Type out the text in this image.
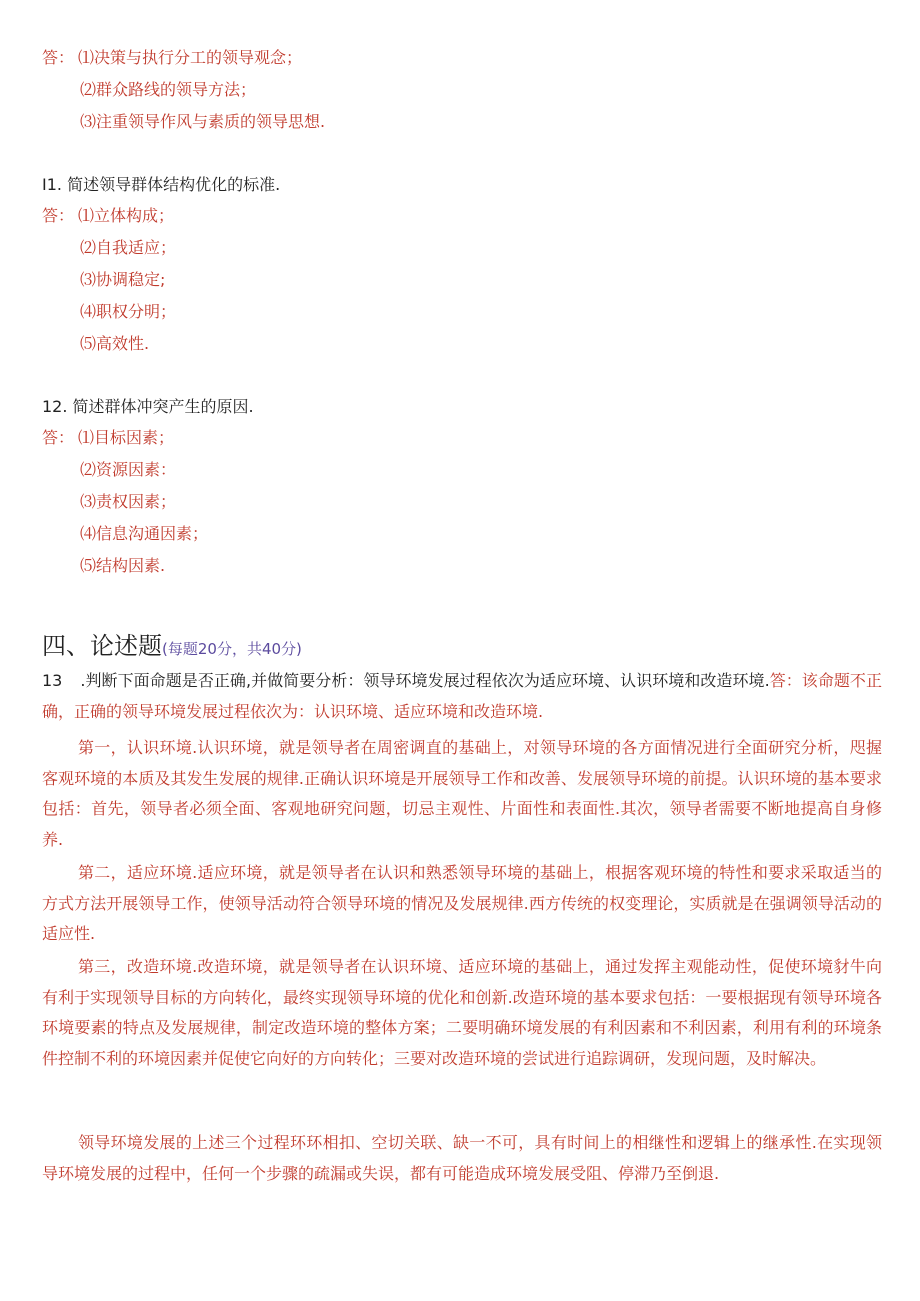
答： ⑴决策与执行分工的领导观念；
⑵群众路线的领导方法；
⑶注重领导作风与素质的领导思想.
I1. 简述领导群体结构优化的标准.
答： ⑴立体构成；
⑵自我适应；
⑶协调稳定;
⑷职权分明；
⑸高效性.
12. 简述群体冲突产生的原因.
答： ⑴目标因素；
⑵资源因素：
⑶责权因素；
⑷信息沟通因素；
⑸结构因素.
四、论述题(每题20分，共40分)
13 .判断下面命题是否正确,并做简要分析：领导环境发展过程依次为适应环境、认识环境和改造环境.答：该命题不正确，正确的领导环境发展过程依次为：认识环境、适应环境和改造环境.
第一，认识环境.认识环境，就是领导者在周密调直的基础上，对领导环境的各方面情况进行全面研究分析，咫握客观环境的本质及其发生发展的规律.正确认识环境是开展领导工作和改善、发展领导环境的前提。认识环境的基本要求包括：首先，领导者必须全面、客观地研究问题，切忌主观性、片面性和表面性.其次，领导者需要不断地提高自身修养.
第二，适应环境.适应环境，就是领导者在认识和熟悉领导环境的基础上，根据客观环境的特性和要求采取适当的方式方法开展领导工作，使领导活动符合领导环境的情况及发展规律.西方传统的权变理论，实质就是在强调领导活动的适应性.
第三，改造环境.改造环境，就是领导者在认识环境、适应环境的基础上，通过发挥主观能动性，促使环境豺牛向有利于实现领导目标的方向转化，最终实现领导环境的优化和创新.改造环境的基本要求包括：一要根据现有领导环境各环境要素的特点及发展规律，制定改造环境的整体方案；二要明确环境发展的有利因素和不利因素，利用有利的环境条件控制不利的环境因素并促使它向好的方向转化；三要对改造环境的尝试进行追踪调研，发现问题，及时解决。
领导环境发展的上述三个过程环环相扣、空切关联、缺一不可，具有时间上的相继性和逻辑上的继承性.在实现领导环境发展的过程中，任何一个步骤的疏漏或失误，都有可能造成环境发展受阻、停滞乃至倒退.
